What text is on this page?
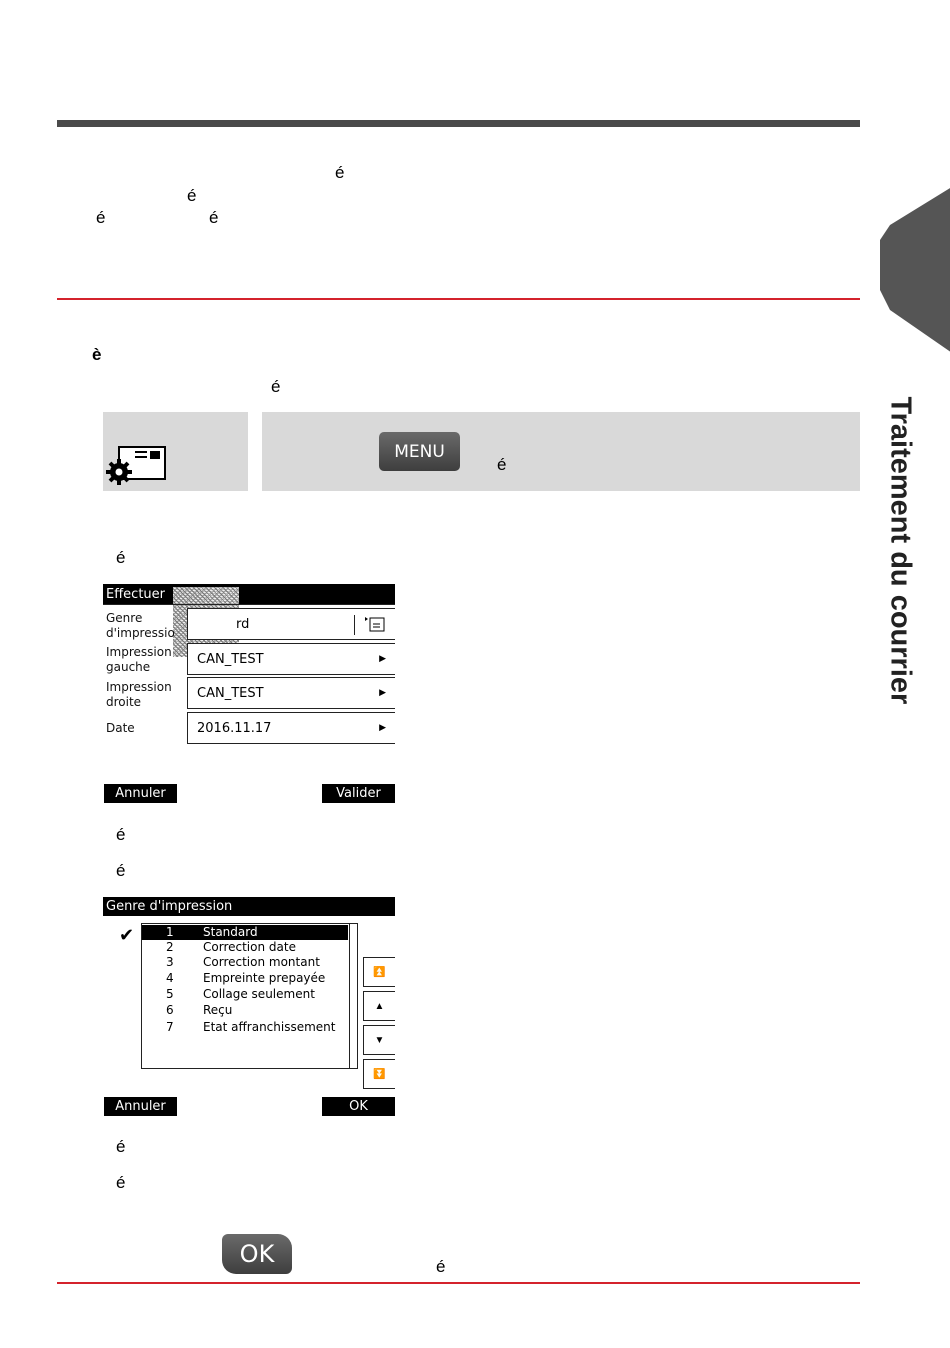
Traitement du courrier
é
é
é	é
è
é
MENU
é
é
Effectuer
Genre
d'impressio
rd
Impression
gauche
CAN_TEST	▶
Impression
droite
CAN_TEST	▶
Date	2016.11.17	▶
Annuler	Valider
é
é
Genre d'impression
✔	1 Standard
2 Correction date
3 Correction montant
4 Empreinte prepayée
5 Collage seulement
6 Reçu
7 Etat affranchissement
⏫
▲
▼
⏬
Annuler	OK
é
é
OK	é
